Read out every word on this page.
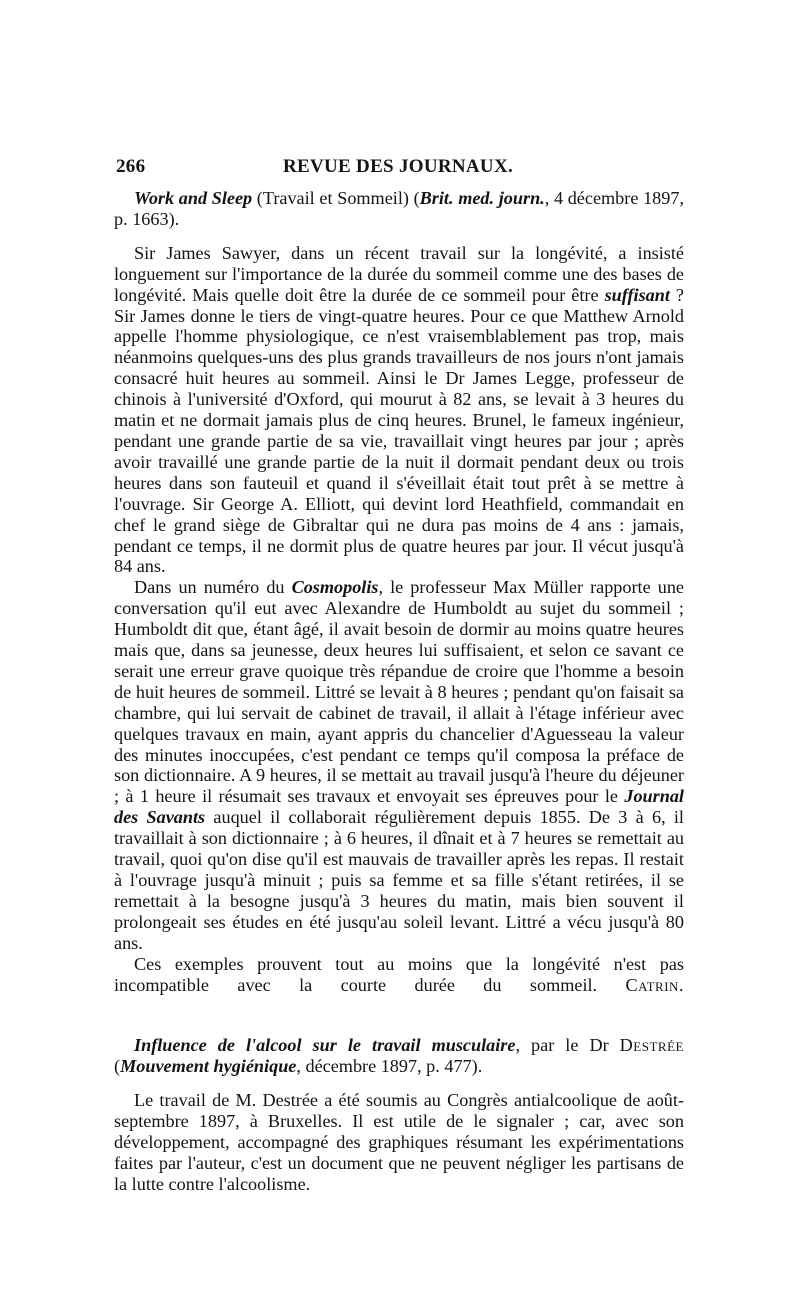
266	REVUE DES JOURNAUX.

Work and Sleep (Travail et Sommeil) (Brit. med. journ., 4 décembre 1897, p. 1663).

Sir James Sawyer, dans un récent travail sur la longévité, a insisté longuement sur l'importance de la durée du sommeil comme une des bases de longévité. Mais quelle doit être la durée de ce sommeil pour être suffisant ? Sir James donne le tiers de vingt-quatre heures. Pour ce que Matthew Arnold appelle l'homme physiologique, ce n'est vraisemblablement pas trop, mais néanmoins quelques-uns des plus grands travailleurs de nos jours n'ont jamais consacré huit heures au sommeil. Ainsi le Dr James Legge, professeur de chinois à l'université d'Oxford, qui mourut à 82 ans, se levait à 3 heures du matin et ne dormait jamais plus de cinq heures. Brunel, le fameux ingénieur, pendant une grande partie de sa vie, travaillait vingt heures par jour ; après avoir travaillé une grande partie de la nuit il dormait pendant deux ou trois heures dans son fauteuil et quand il s'éveillait était tout prêt à se mettre à l'ouvrage. Sir George A. Elliott, qui devint lord Heathfield, commandait en chef le grand siège de Gibraltar qui ne dura pas moins de 4 ans : jamais, pendant ce temps, il ne dormit plus de quatre heures par jour. Il vécut jusqu'à 84 ans.

Dans un numéro du Cosmopolis, le professeur Max Müller rapporte une conversation qu'il eut avec Alexandre de Humboldt au sujet du sommeil ; Humboldt dit que, étant âgé, il avait besoin de dormir au moins quatre heures mais que, dans sa jeunesse, deux heures lui suffisaient, et selon ce savant ce serait une erreur grave quoique très répandue de croire que l'homme a besoin de huit heures de sommeil. Littré se levait à 8 heures ; pendant qu'on faisait sa chambre, qui lui servait de cabinet de travail, il allait à l'étage inférieur avec quelques travaux en main, ayant appris du chancelier d'Aguesseau la valeur des minutes inoccupées, c'est pendant ce temps qu'il composa la préface de son dictionnaire. A 9 heures, il se mettait au travail jusqu'à l'heure du déjeuner ; à 1 heure il résumait ses travaux et envoyait ses épreuves pour le Journal des Savants auquel il collaborait régulièrement depuis 1855. De 3 à 6, il travaillait à son dictionnaire ; à 6 heures, il dînait et à 7 heures se remettait au travail, quoi qu'on dise qu'il est mauvais de travailler après les repas. Il restait à l'ouvrage jusqu'à minuit ; puis sa femme et sa fille s'étant retirées, il se remettait à la besogne jusqu'à 3 heures du matin, mais bien souvent il prolongeait ses études en été jusqu'au soleil levant. Littré a vécu jusqu'à 80 ans.

Ces exemples prouvent tout au moins que la longévité n'est pas incompatible avec la courte durée du sommeil. Catrin.

Influence de l'alcool sur le travail musculaire, par le Dr Destrée (Mouvement hygiénique, décembre 1897, p. 477).

Le travail de M. Destrée a été soumis au Congrès antialcoolique de août-septembre 1897, à Bruxelles. Il est utile de le signaler ; car, avec son développement, accompagné des graphiques résumant les expérimentations faites par l'auteur, c'est un document que ne peuvent négliger les partisans de la lutte contre l'alcoolisme.
